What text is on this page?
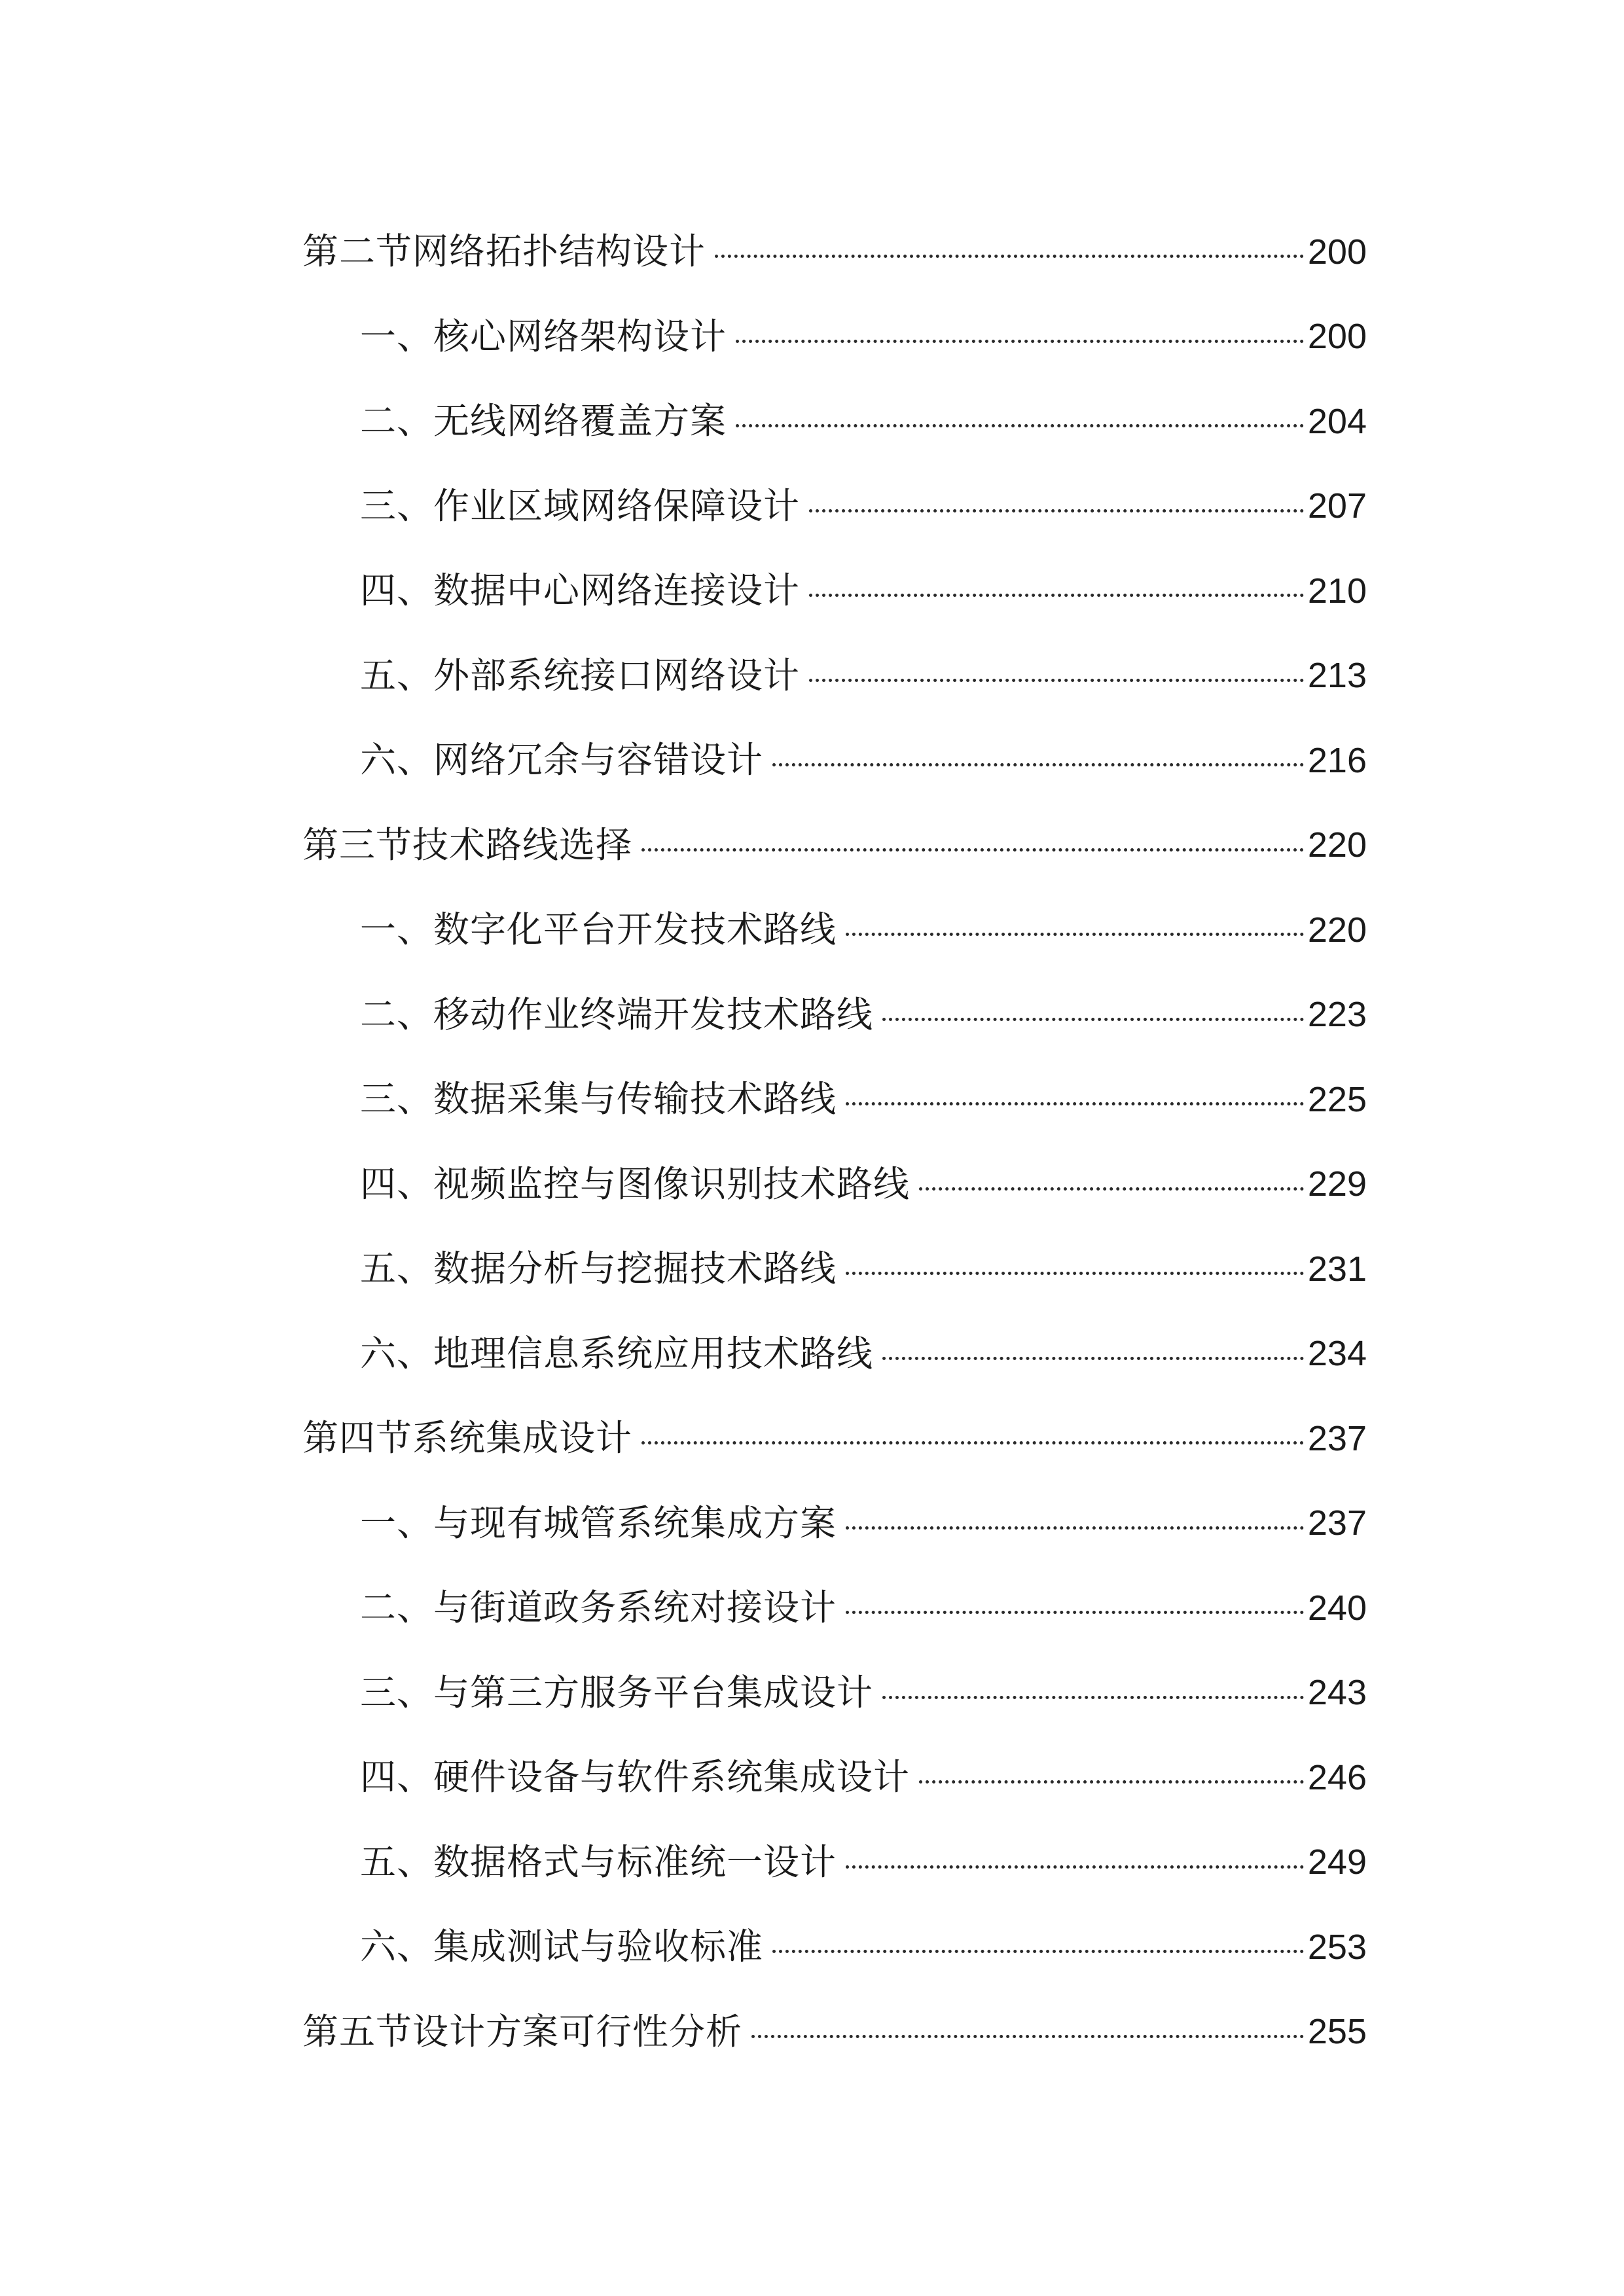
第二节网络拓扑结构设计	200
一、核心网络架构设计	200
二、无线网络覆盖方案	204
三、作业区域网络保障设计	207
四、数据中心网络连接设计	210
五、外部系统接口网络设计	213
六、网络冗余与容错设计	216
第三节技术路线选择	220
一、数字化平台开发技术路线	220
二、移动作业终端开发技术路线	223
三、数据采集与传输技术路线	225
四、视频监控与图像识别技术路线	229
五、数据分析与挖掘技术路线	231
六、地理信息系统应用技术路线	234
第四节系统集成设计	237
一、与现有城管系统集成方案	237
二、与街道政务系统对接设计	240
三、与第三方服务平台集成设计	243
四、硬件设备与软件系统集成设计	246
五、数据格式与标准统一设计	249
六、集成测试与验收标准	253
第五节设计方案可行性分析	255
